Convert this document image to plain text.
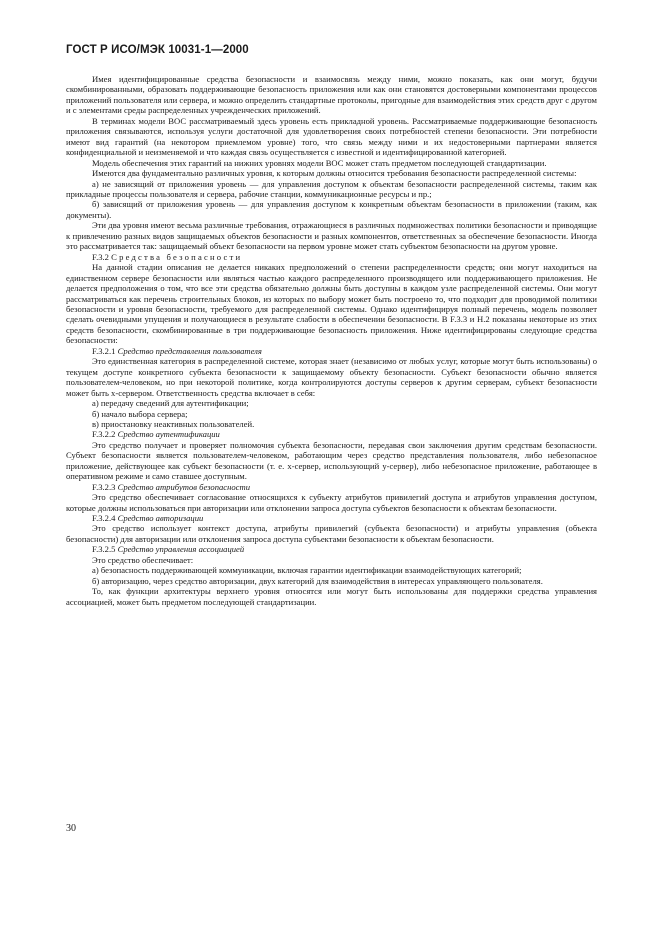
ГОСТ Р ИСО/МЭК 10031-1—2000

Имея идентифицированные средства безопасности и взаимосвязь между ними, можно показать, как они могут, будучи скомбинированными, образовать поддерживающие безопасность приложения или как они становятся достоверными компонентами процессов приложений пользователя или сервера, и можно определить стандартные протоколы, пригодные для взаимодействия этих средств друг с другом и с элементами среды распределенных учрежденческих приложений.

В терминах модели ВОС рассматриваемый здесь уровень есть прикладной уровень. Рассматриваемые поддерживающие безопасность приложения связываются, используя услуги достаточной для удовлетворения своих потребностей степени безопасности. Эти потребности имеют вид гарантий (на некотором приемлемом уровне) того, что связь между ними и их недостоверными партнерами является конфиденциальной и неизменяемой и что каждая связь осуществляется с известной и идентифицированной категорией.

Модель обеспечения этих гарантий на нижних уровнях модели ВОС может стать предметом последующей стандартизации.

Имеются два фундаментально различных уровня, к которым должны относится требования безопасности распределенной системы:

а) не зависящий от приложения уровень — для управления доступом к объектам безопасности распределенной системы, таким как прикладные процессы пользователя и сервера, рабочие станции, коммуникационные ресурсы и пр.;

б) зависящий от приложения уровень — для управления доступом к конкретным объектам безопасности в приложении (таким, как документы).

Эти два уровня имеют весьма различные требования, отражающиеся в различных подмножествах политики безопасности и приводящие к привлечению разных видов защищаемых объектов безопасности и разных компонентов, ответственных за обеспечение безопасности. Иногда это рассматривается так: защищаемый объект безопасности на первом уровне может стать субъектом безопасности на другом уровне.

F.3.2 Средства безопасности

На данной стадии описания не делается никаких предположений о степени распределенности средств; они могут находиться на единственном сервере безопасности или являться частью каждого распределенного производящего или поддерживающего приложения. Не делается предположения о том, что все эти средства обязательно должны быть доступны в каждом узле распределенной системы. Они могут рассматриваться как перечень строительных блоков, из которых по выбору может быть построено то, что подходит для проводимой политики безопасности и уровня безопасности, требуемого для распределенной системы. Однако идентифицируя полный перечень, модель позволяет сделать очевидными упущения и получающиеся в результате слабости в обеспечении безопасности. В F.3.3 и Н.2 показаны некоторые из этих средств безопасности, скомбинированные в три поддерживающие безопасность приложения. Ниже идентифицированы следующие средства безопасности:

F.3.2.1 Средство представления пользователя

Это единственная категория в распределенной системе, которая знает (независимо от любых услуг, которые могут быть использованы) о текущем доступе конкретного субъекта безопасности к защищаемому объекту безопасности. Субъект безопасности обычно является пользователем-человеком, но при некоторой политике, когда контролируются доступы серверов к другим серверам, субъект безопасности может быть x-сервером. Ответственность средства включает в себя:

а) передачу сведений для аутентификации;

б) начало выбора сервера;

в) приостановку неактивных пользователей.

F.3.2.2 Средство аутентификации

Это средство получает и проверяет полномочия субъекта безопасности, передавая свои заключения другим средствам безопасности. Субъект безопасности является пользователем-человеком, работающим через средство представления пользователя, либо небезопасное приложение, действующее как субъект безопасности (т. е. x-сервер, использующий y-сервер), либо небезопасное приложение, работающее в оперативном режиме и само ставшее доступным.

F.3.2.3 Средство атрибутов безопасности

Это средство обеспечивает согласование относящихся к субъекту атрибутов привилегий доступа и атрибутов управления доступом, которые должны использоваться при авторизации или отклонении запроса доступа субъектов безопасности к объектам безопасности.

F.3.2.4 Средство авторизации

Это средство использует контекст доступа, атрибуты привилегий (субъекта безопасности) и атрибуты управления (объекта безопасности) для авторизации или отклонения запроса доступа субъектами безопасности к объектам безопасности.

F.3.2.5 Средство управления ассоциацией

Это средство обеспечивает:

а) безопасность поддерживающей коммуникации, включая гарантии идентификации взаимодействующих категорий;

б) авторизацию, через средство авторизации, двух категорий для взаимодействия в интересах управляющего пользователя.

То, как функции архитектуры верхнего уровня относятся или могут быть использованы для поддержки средства управления ассоциацией, может быть предметом последующей стандартизации.

30
